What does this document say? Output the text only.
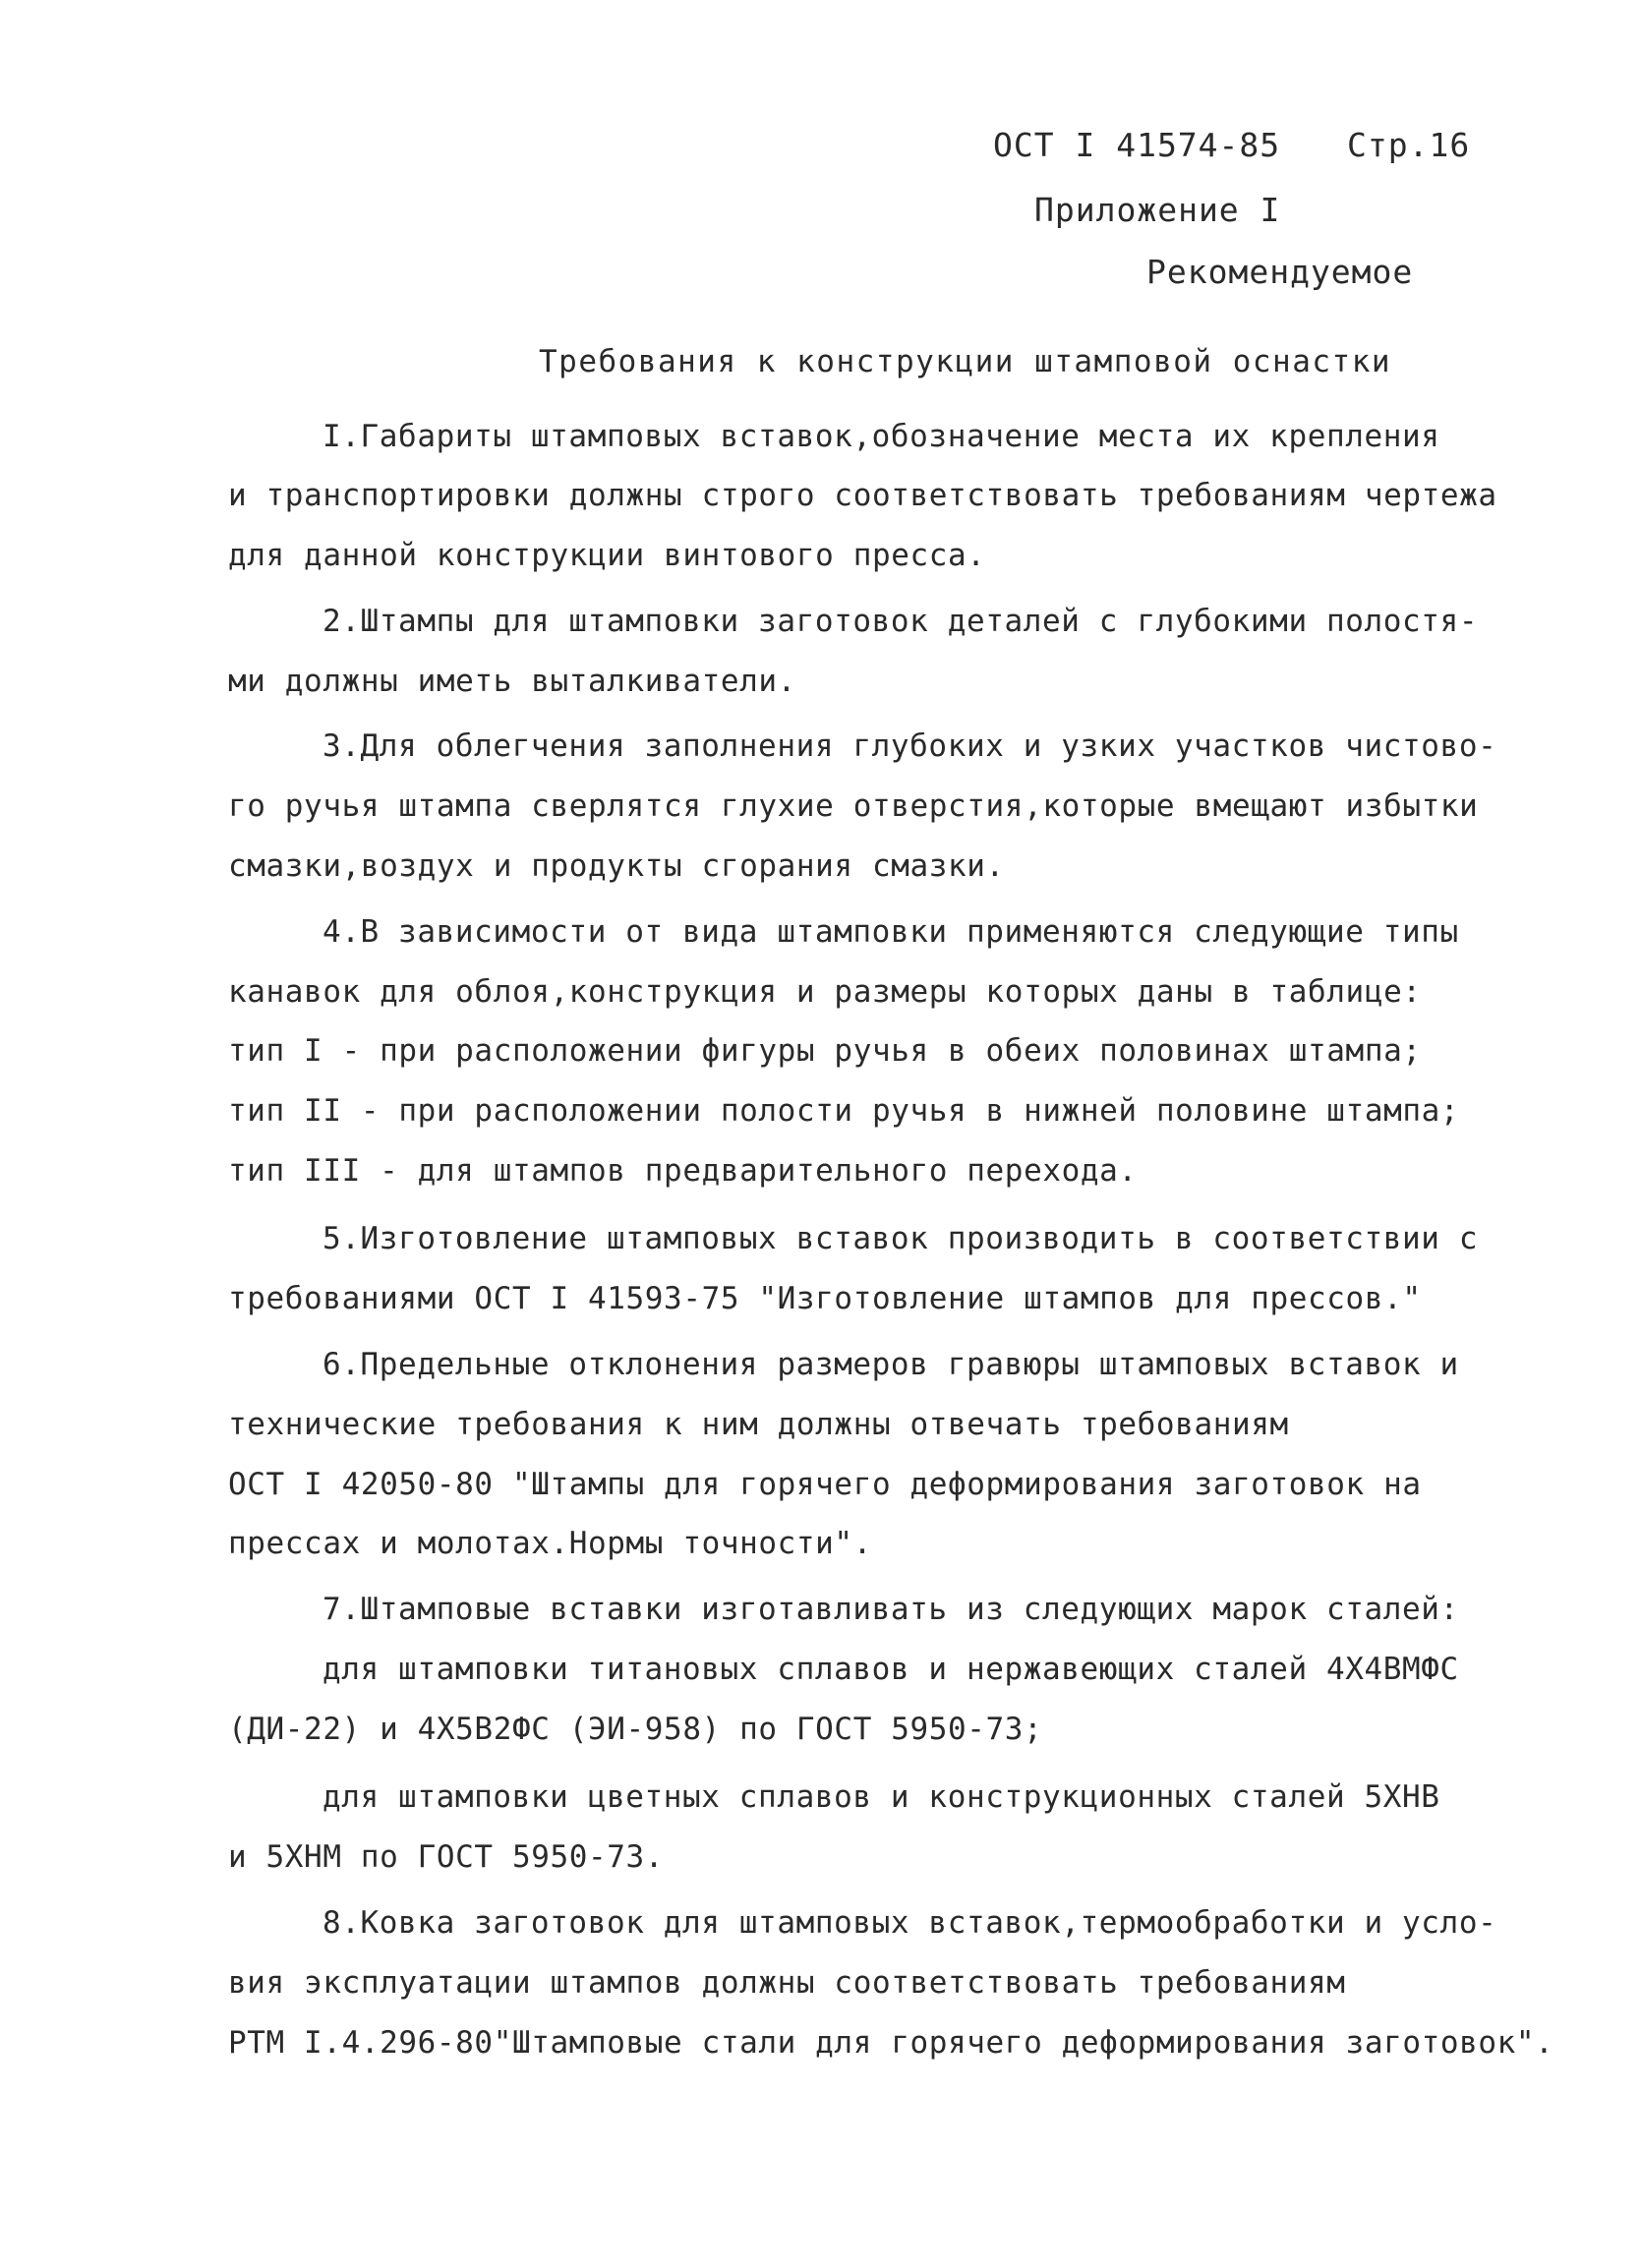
ОСТ I 41574-85 Стр.16
Приложение I
Рекомендуемое
Требования к конструкции штамповой оснастки
I.Габариты штамповых вставок,обозначение места их крепления
и транспортировки должны строго соответствовать требованиям чертежа
для данной конструкции винтового пресса.
2.Штампы для штамповки заготовок деталей с глубокими полостя-
ми должны иметь выталкиватели.
3.Для облегчения заполнения глубоких и узких участков чистово-
го ручья штампа сверлятся глухие отверстия,которые вмещают избытки
смазки,воздух и продукты сгорания смазки.
4.В зависимости от вида штамповки применяются следующие типы
канавок для облоя,конструкция и размеры которых даны в таблице:
тип I - при расположении фигуры ручья в обеих половинах штампа;
тип II - при расположении полости ручья в нижней половине штампа;
тип III - для штампов предварительного перехода.
5.Изготовление штамповых вставок производить в соответствии с
требованиями ОСТ I 41593-75 "Изготовление штампов для прессов."
6.Предельные отклонения размеров гравюры штамповых вставок и
технические требования к ним должны отвечать требованиям
ОСТ I 42050-80 "Штампы для горячего деформирования заготовок на
прессах и молотах.Нормы точности".
7.Штамповые вставки изготавливать из следующих марок сталей:
для штамповки титановых сплавов и нержавеющих сталей 4Х4ВМФС
(ДИ-22) и 4Х5В2ФС (ЭИ-958) по ГОСТ 5950-73;
для штамповки цветных сплавов и конструкционных сталей 5ХНВ
и 5ХНМ по ГОСТ 5950-73.
8.Ковка заготовок для штамповых вставок,термообработки и усло-
вия эксплуатации штампов должны соответствовать требованиям
РТМ I.4.296-80"Штамповые стали для горячего деформирования заготовок".
